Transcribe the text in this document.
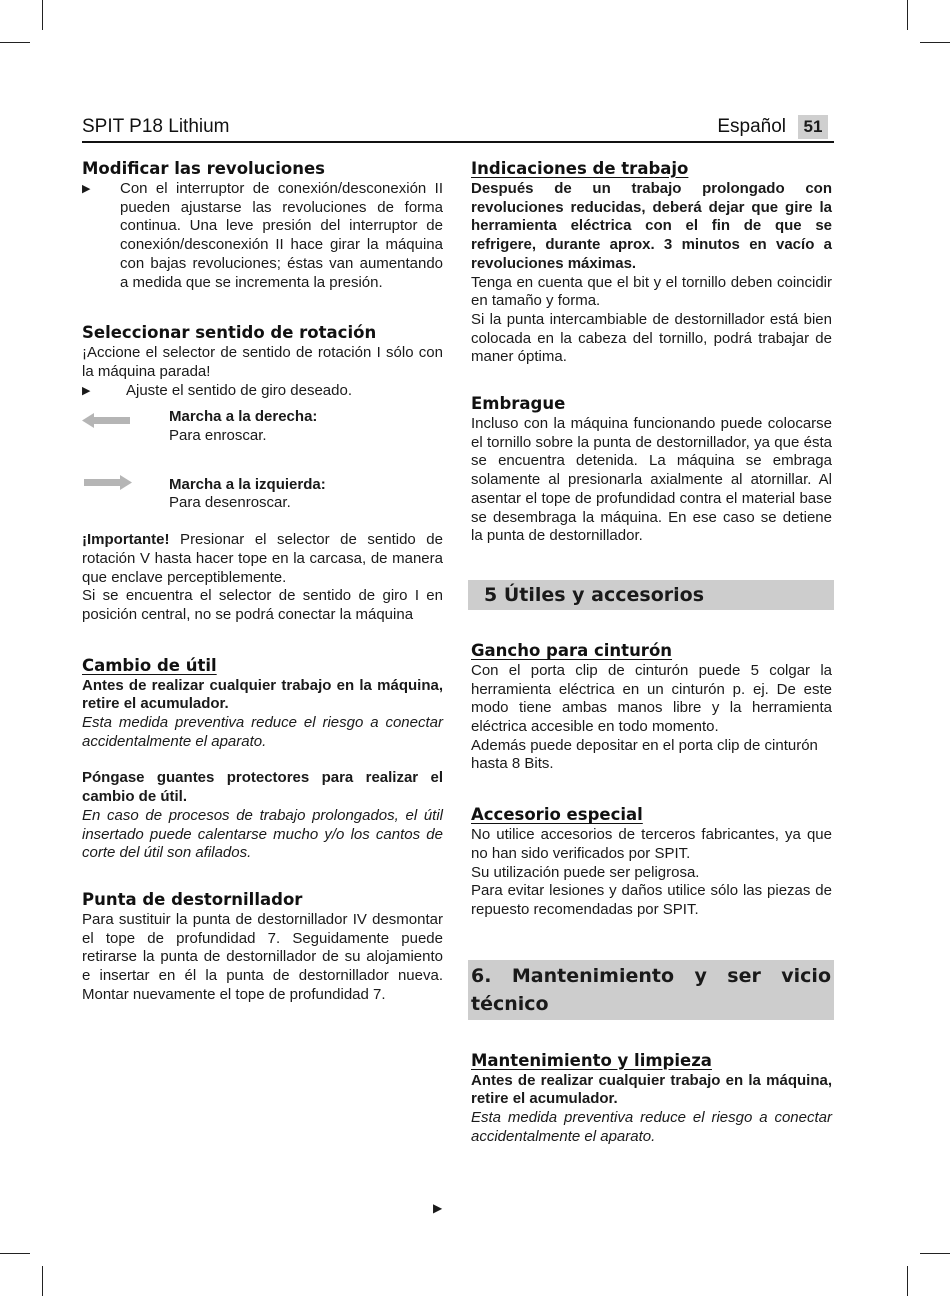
SPIT P18 Lithium	Español	51
Modificar las revoluciones
▶	Con el interruptor de conexión/desconexión II pueden ajustarse las revoluciones de forma continua. Una leve presión del interruptor de conexión/desconexión II hace girar la máquina con bajas revoluciones; éstas van aumentando a medida que se incrementa la presión.
Seleccionar sentido de rotación

¡Accione el selector de sentido de rotación I sólo con la máquina parada!

▶	Ajuste el sentido de giro deseado.
Marcha a la derecha:
Para enroscar.
Marcha a la izquierda:
Para desenroscar.

¡Importante! Presionar el selector de sentido de rotación V hasta hacer tope en la carcasa, de manera que enclave perceptiblemente.

Si se encuentra el selector de sentido de giro I en posición central, no se podrá conectar la máquina

Cambio de útil

Antes de realizar cualquier trabajo en la máquina, retire el acumulador.

Esta medida preventiva reduce el riesgo a conectar accidentalmente el aparato.

Póngase guantes protectores para realizar el cambio de útil.

En caso de procesos de trabajo prolongados, el útil insertado puede calentarse mucho y/o los cantos de corte del útil son afilados.

Punta de destornillador

Para sustituir la punta de destornillador IV desmontar el tope de profundidad 7. Seguidamente puede retirarse la punta de destornillador de su alojamiento e insertar en él la punta de destornillador nueva. Montar nuevamente el tope de profundidad 7.

Indicaciones de trabajo

Después de un trabajo prolongado con revoluciones reducidas, deberá dejar que gire la herramienta eléctrica con el fin de que se refrigere, durante aprox. 3 minutos en vacío a revoluciones máximas.

Tenga en cuenta que el bit y el tornillo deben coincidir en tamaño y forma.

Si la punta intercambiable de destornillador está bien colocada en la cabeza del tornillo, podrá trabajar de maner óptima.

Embrague

Incluso con la máquina funcionando puede colocarse el tornillo sobre la punta de destornillador, ya que ésta se encuentra detenida. La máquina se embraga solamente al presionarla axialmente al atornillar. Al asentar el tope de profundidad contra el material base se desembraga la máquina. En ese caso se detiene la punta de destornillador.

5 Útiles y accesorios
Gancho para cinturón

Con el porta clip de cinturón puede 5 colgar la herramienta eléctrica en un cinturón p. ej. De este modo tiene ambas manos libre y la herramienta eléctrica accesible en todo momento.

Además puede depositar en el porta clip de cinturón hasta 8 Bits.

Accesorio especial

No utilice accesorios de terceros fabricantes, ya que no han sido verificados por SPIT.

Su utilización puede ser peligrosa.

Para evitar lesiones y daños utilice sólo las piezas de repuesto recomendadas por SPIT.

6. Mantenimiento y ser vicio técnico
Mantenimiento y limpieza

Antes de realizar cualquier trabajo en la máquina, retire el acumulador.

Esta medida preventiva reduce el riesgo a conectar accidentalmente el aparato.

▶
